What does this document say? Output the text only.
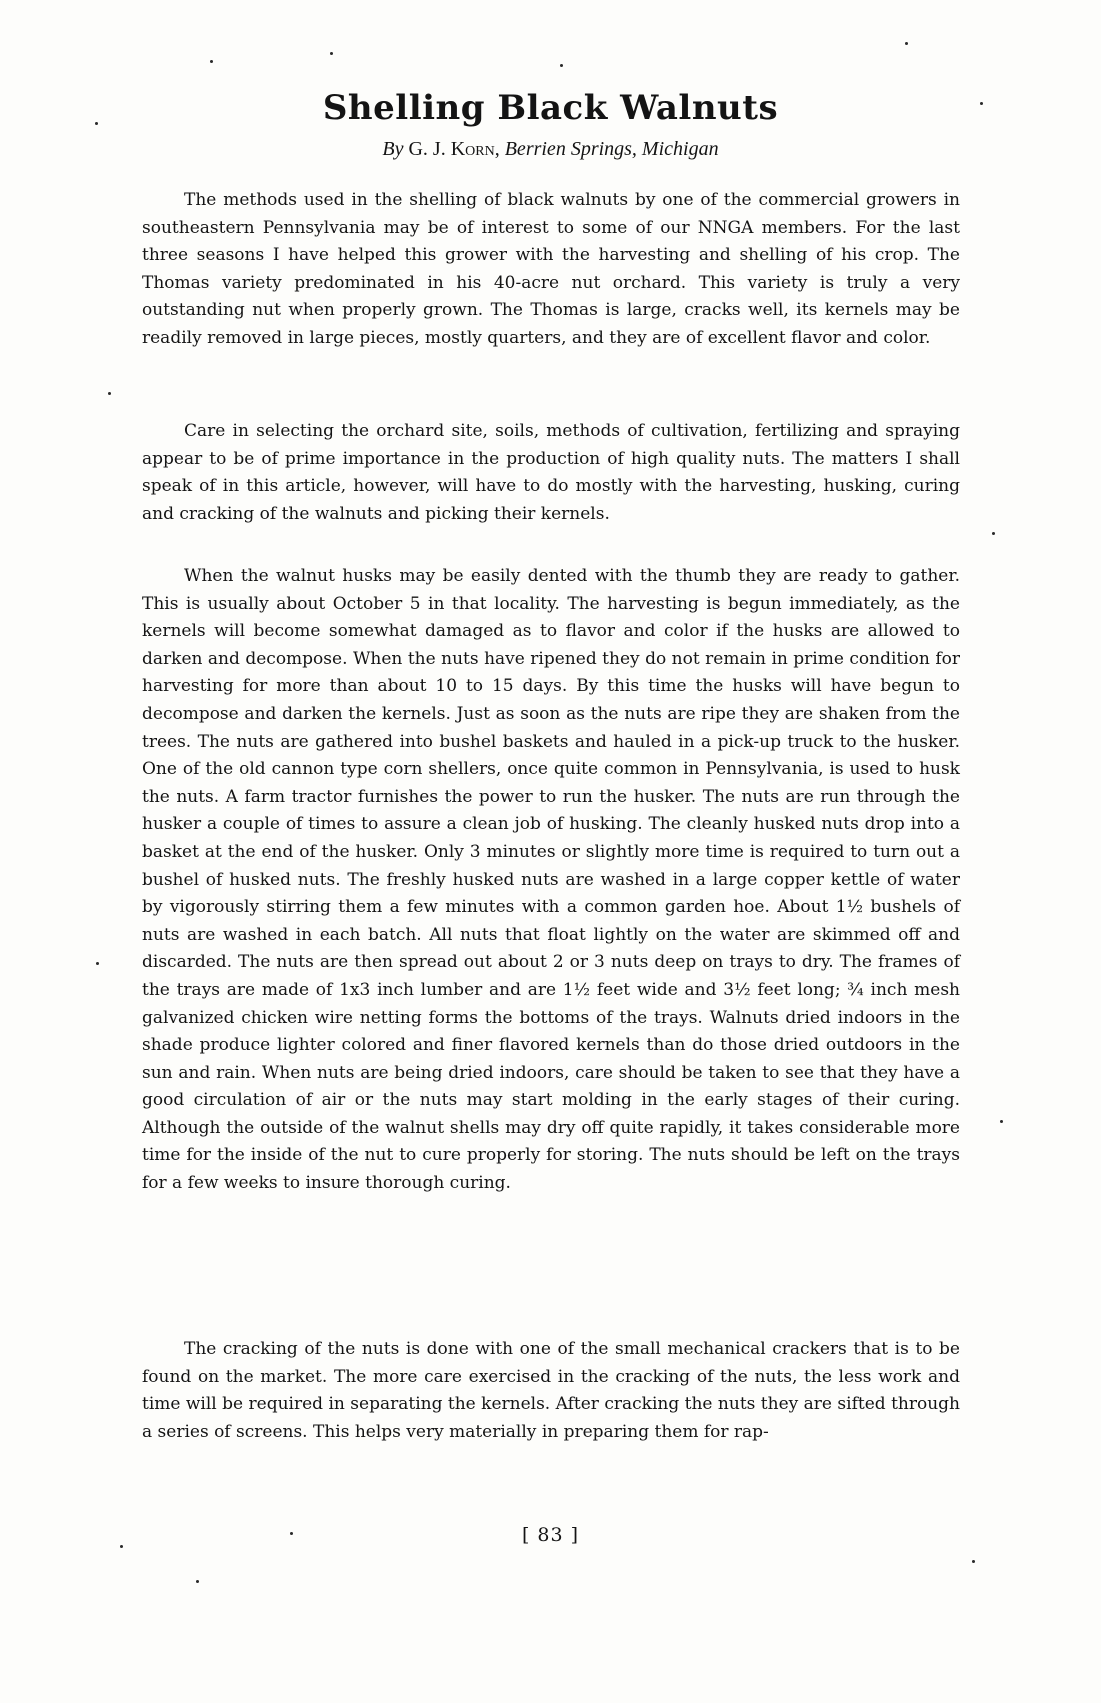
Shelling Black Walnuts
By G. J. Korn, Berrien Springs, Michigan

The methods used in the shelling of black walnuts by one of the commercial growers in southeastern Pennsylvania may be of interest to some of our NNGA members. For the last three seasons I have helped this grower with the harvesting and shelling of his crop. The Thomas variety predominated in his 40-acre nut orchard. This variety is truly a very outstanding nut when properly grown. The Thomas is large, cracks well, its kernels may be readily removed in large pieces, mostly quarters, and they are of excellent flavor and color.

Care in selecting the orchard site, soils, methods of cultivation, fertilizing and spraying appear to be of prime importance in the production of high quality nuts. The matters I shall speak of in this article, however, will have to do mostly with the harvesting, husking, curing and cracking of the walnuts and picking their kernels.

When the walnut husks may be easily dented with the thumb they are ready to gather. This is usually about October 5 in that locality. The harvesting is begun immediately, as the kernels will become somewhat damaged as to flavor and color if the husks are allowed to darken and decompose. When the nuts have ripened they do not remain in prime condition for harvesting for more than about 10 to 15 days. By this time the husks will have begun to decompose and darken the kernels. Just as soon as the nuts are ripe they are shaken from the trees. The nuts are gathered into bushel baskets and hauled in a pick-up truck to the husker. One of the old cannon type corn shellers, once quite common in Pennsylvania, is used to husk the nuts. A farm tractor furnishes the power to run the husker. The nuts are run through the husker a couple of times to assure a clean job of husking. The cleanly husked nuts drop into a basket at the end of the husker. Only 3 minutes or slightly more time is required to turn out a bushel of husked nuts. The freshly husked nuts are washed in a large copper kettle of water by vigorously stirring them a few minutes with a common garden hoe. About 1½ bushels of nuts are washed in each batch. All nuts that float lightly on the water are skimmed off and discarded. The nuts are then spread out about 2 or 3 nuts deep on trays to dry. The frames of the trays are made of 1x3 inch lumber and are 1½ feet wide and 3½ feet long; ¾ inch mesh galvanized chicken wire netting forms the bottoms of the trays. Walnuts dried indoors in the shade produce lighter colored and finer flavored kernels than do those dried outdoors in the sun and rain. When nuts are being dried indoors, care should be taken to see that they have a good circulation of air or the nuts may start molding in the early stages of their curing. Although the outside of the walnut shells may dry off quite rapidly, it takes considerable more time for the inside of the nut to cure properly for storing. The nuts should be left on the trays for a few weeks to insure thorough curing.

The cracking of the nuts is done with one of the small mechanical crackers that is to be found on the market. The more care exercised in the cracking of the nuts, the less work and time will be required in separating the kernels. After cracking the nuts they are sifted through a series of screens. This helps very materially in preparing them for rap-

[ 83 ]
